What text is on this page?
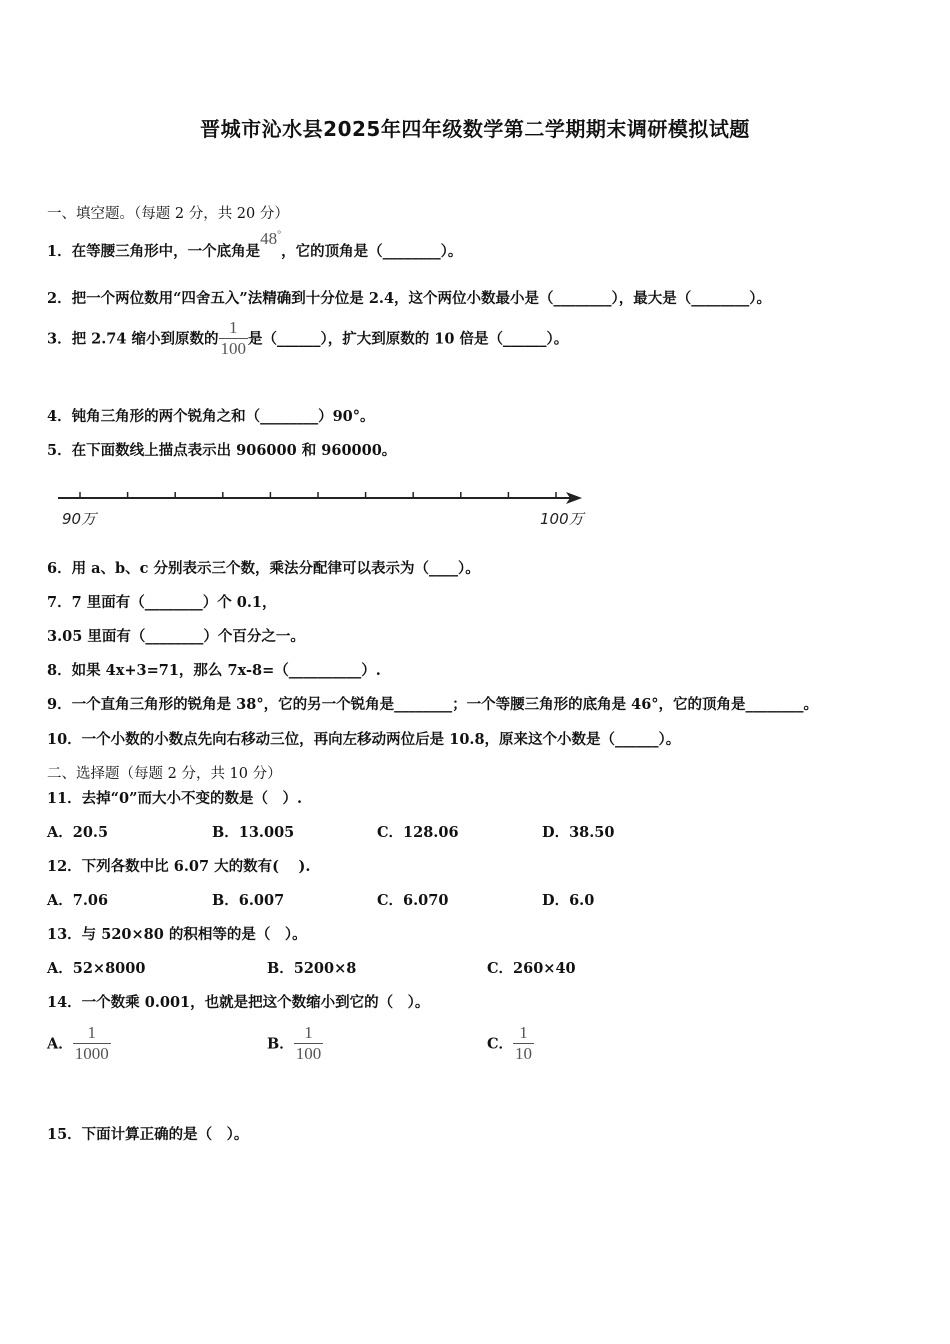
晋城市沁水县2025年四年级数学第二学期期末调研模拟试题
一、填空题。（每题 2 分，共 20 分）
1．在等腰三角形中，一个底角是48°，它的顶角是（________）。
2．把一个两位数用“四舍五入”法精确到十分位是 2.4，这个两位小数最小是（________），最大是（________）。
3．把 2.74 缩小到原数的 $\frac{1}{100}$ 是（______），扩大到原数的 10 倍是（______）。
4．钝角三角形的两个锐角之和（________）90°。
5．在下面数线上描点表示出 906000 和 960000。
90万	100万
6．用 a、b、c 分别表示三个数，乘法分配律可以表示为（____）。
7．7 里面有（________）个 0.1，
3.05 里面有（________）个百分之一。
8．如果 4x+3=71，那么 7x-8=（__________）.
9．一个直角三角形的锐角是 38°，它的另一个锐角是________；一个等腰三角形的底角是 46°，它的顶角是________。
10．一个小数的小数点先向右移动三位，再向左移动两位后是 10.8，原来这个小数是（______）。
二、选择题（每题 2 分，共 10 分）
11．去掉“0”而大小不变的数是（　）.
A．20.5	B．13.005	C．128.06	D．38.50
12．下列各数中比 6.07 大的数有(　 ).
A．7.06	B．6.007	C．6.070	D．6.0
13．与 520×80 的积相等的是（　）。
A．52×8000	B．5200×8	C．260×40
14．一个数乘 0.001，也就是把这个数缩小到它的（　）。
A． $\frac{1}{1000}$	B． $\frac{1}{100}$	C． $\frac{1}{10}$
15．下面计算正确的是（　）。
